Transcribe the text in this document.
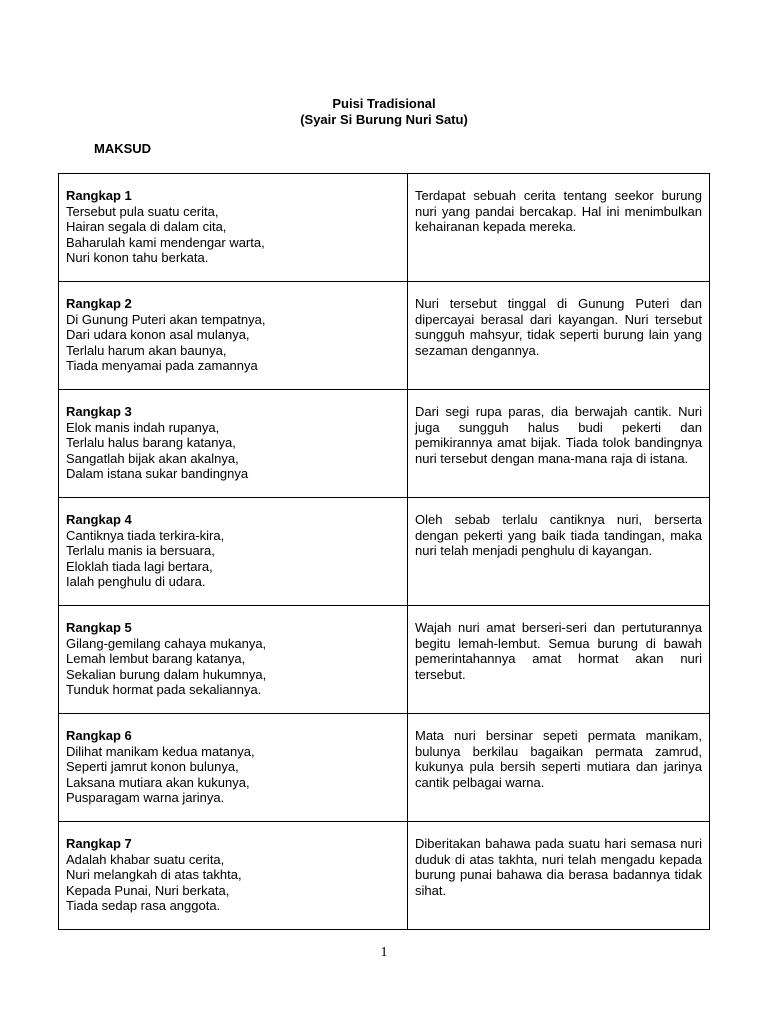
Puisi Tradisional
(Syair Si Burung Nuri Satu)
MAKSUD
Rangkap 1
Tersebut pula suatu cerita,
Hairan segala di dalam cita,
Baharulah kami mendengar warta,
Nuri konon tahu berkata.	Terdapat sebuah cerita tentang seekor burung nuri yang pandai bercakap. Hal ini menimbulkan kehairanan kepada mereka.

Rangkap 2
Di Gunung Puteri akan tempatnya,
Dari udara konon asal mulanya,
Terlalu harum akan baunya,
Tiada menyamai pada zamannya	Nuri tersebut tinggal di Gunung Puteri dan dipercayai berasal dari kayangan. Nuri tersebut sungguh mahsyur, tidak seperti burung lain yang sezaman dengannya.

Rangkap 3
Elok manis indah rupanya,
Terlalu halus barang katanya,
Sangatlah bijak akan akalnya,
Dalam istana sukar bandingnya	Dari segi rupa paras, dia berwajah cantik. Nuri juga sungguh halus budi pekerti dan pemikirannya amat bijak. Tiada tolok bandingnya nuri tersebut dengan mana-mana raja di istana.

Rangkap 4
Cantiknya tiada terkira-kira,
Terlalu manis ia bersuara,
Eloklah tiada lagi bertara,
Ialah penghulu di udara.	Oleh sebab terlalu cantiknya nuri, berserta dengan pekerti yang baik tiada tandingan, maka nuri telah menjadi penghulu di kayangan.

Rangkap 5
Gilang-gemilang cahaya mukanya,
Lemah lembut barang katanya,
Sekalian burung dalam hukumnya,
Tunduk hormat pada sekaliannya.	Wajah nuri amat berseri-seri dan pertuturannya begitu lemah-lembut. Semua burung di bawah pemerintahannya amat hormat akan nuri tersebut.

Rangkap 6
Dilihat manikam kedua matanya,
Seperti jamrut konon bulunya,
Laksana mutiara akan kukunya,
Pusparagam warna jarinya.	Mata nuri bersinar sepeti permata manikam, bulunya berkilau bagaikan permata zamrud, kukunya pula bersih seperti mutiara dan jarinya cantik pelbagai warna.

Rangkap 7
Adalah khabar suatu cerita,
Nuri melangkah di atas takhta,
Kepada Punai, Nuri berkata,
Tiada sedap rasa anggota.	Diberitakan bahawa pada suatu hari semasa nuri duduk di atas takhta, nuri telah mengadu kepada burung punai bahawa dia berasa badannya tidak sihat.
1
